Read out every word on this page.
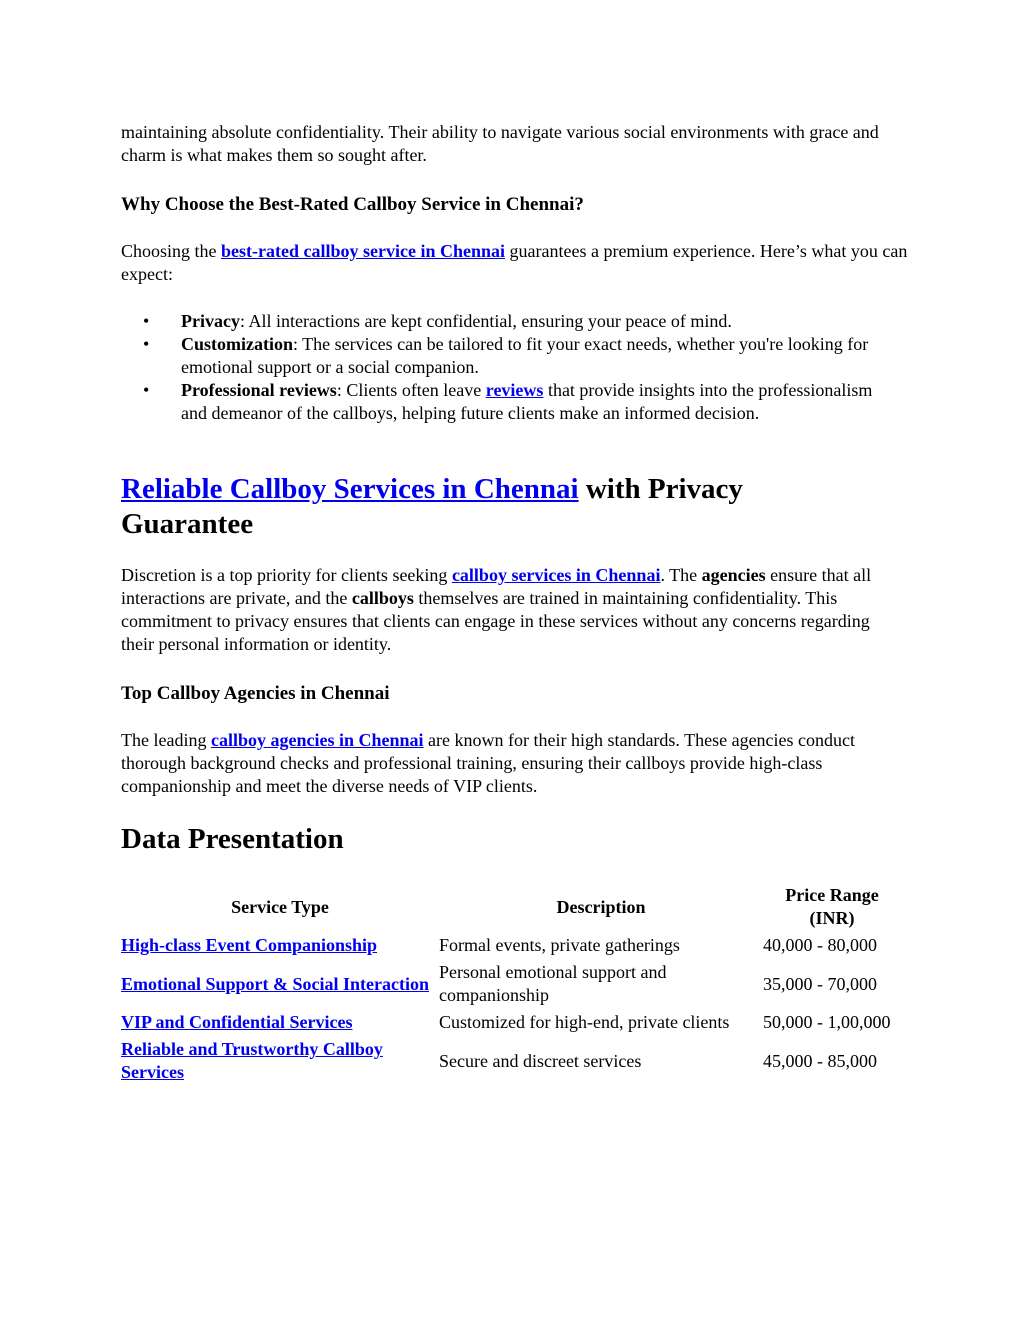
maintaining absolute confidentiality. Their ability to navigate various social environments with grace and charm is what makes them so sought after.

Why Choose the Best-Rated Callboy Service in Chennai?

Choosing the best-rated callboy service in Chennai guarantees a premium experience. Here’s what you can expect:

• Privacy: All interactions are kept confidential, ensuring your peace of mind.
• Customization: The services can be tailored to fit your exact needs, whether you're looking for emotional support or a social companion.
• Professional reviews: Clients often leave reviews that provide insights into the professionalism and demeanor of the callboys, helping future clients make an informed decision.
Reliable Callboy Services in Chennai with Privacy Guarantee

Discretion is a top priority for clients seeking callboy services in Chennai. The agencies ensure that all interactions are private, and the callboys themselves are trained in maintaining confidentiality. This commitment to privacy ensures that clients can engage in these services without any concerns regarding their personal information or identity.

Top Callboy Agencies in Chennai

The leading callboy agencies in Chennai are known for their high standards. These agencies conduct thorough background checks and professional training, ensuring their callboys provide high-class companionship and meet the diverse needs of VIP clients.

Data Presentation
Service Type	Description	Price Range (INR)
High-class Event Companionship	Formal events, private gatherings	40,000 - 80,000
Emotional Support & Social Interaction	Personal emotional support and companionship	35,000 - 70,000
VIP and Confidential Services	Customized for high-end, private clients	50,000 - 1,00,000
Reliable and Trustworthy Callboy Services	Secure and discreet services	45,000 - 85,000
